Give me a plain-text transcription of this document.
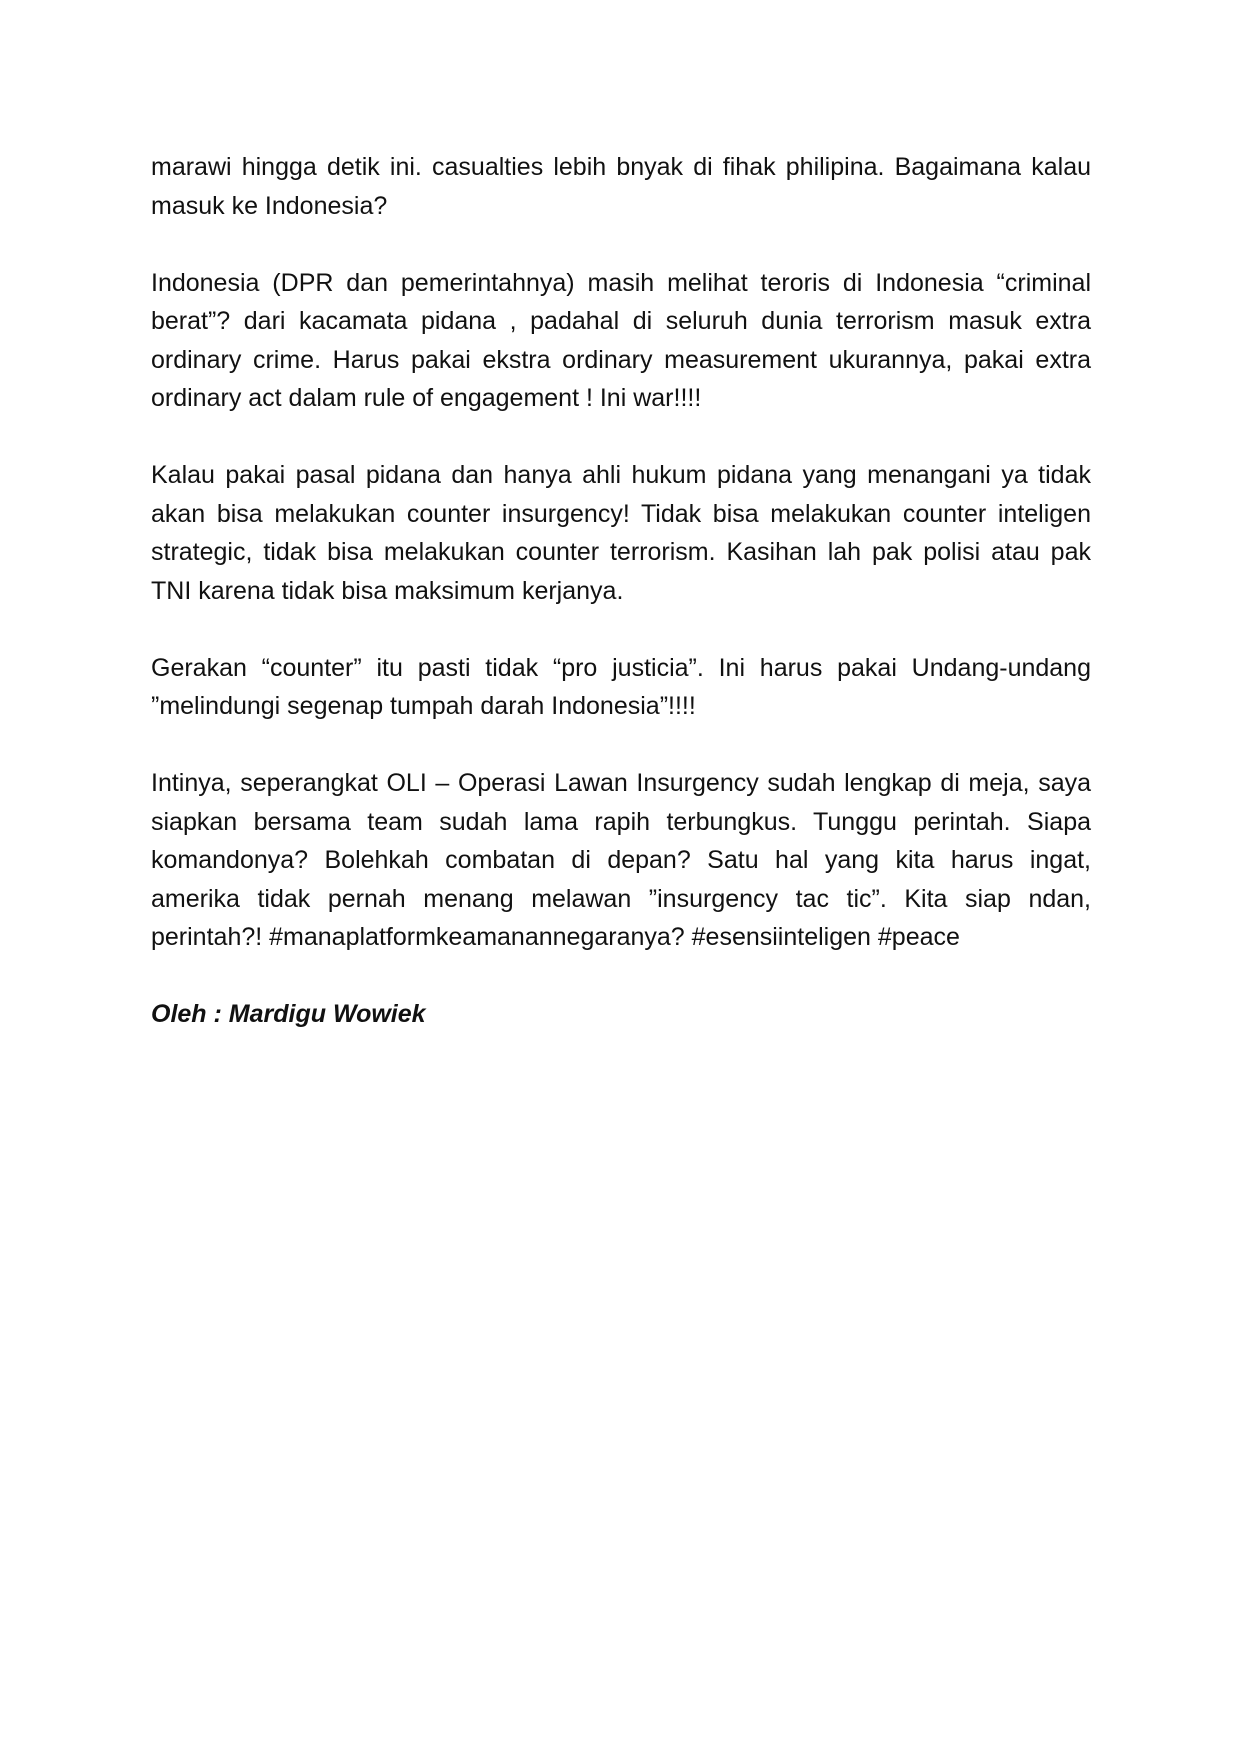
marawi hingga detik ini. casualties lebih bnyak di fihak philipina. Bagaimana kalau masuk ke Indonesia?

Indonesia (DPR dan pemerintahnya) masih melihat teroris di Indonesia “criminal berat”? dari kacamata pidana , padahal di seluruh dunia terrorism masuk extra ordinary crime. Harus pakai ekstra ordinary measurement ukurannya, pakai extra ordinary act dalam rule of engagement ! Ini war!!!!

Kalau pakai pasal pidana dan hanya ahli hukum pidana yang menangani ya tidak akan bisa melakukan counter insurgency! Tidak bisa melakukan counter inteligen strategic, tidak bisa melakukan counter terrorism. Kasihan lah pak polisi atau pak TNI karena tidak bisa maksimum kerjanya.

Gerakan “counter” itu pasti tidak “pro justicia”. Ini harus pakai Undang-undang ”melindungi segenap tumpah darah Indonesia”!!!!

Intinya, seperangkat OLI – Operasi Lawan Insurgency sudah lengkap di meja, saya siapkan bersama team sudah lama rapih terbungkus. Tunggu perintah. Siapa komandonya? Bolehkah combatan di depan? Satu hal yang kita harus ingat, amerika tidak pernah menang melawan ”insurgency tac tic”. Kita siap ndan, perintah?! #manaplatformkeamanannegaranya? #esensiinteligen #peace

Oleh : Mardigu Wowiek
